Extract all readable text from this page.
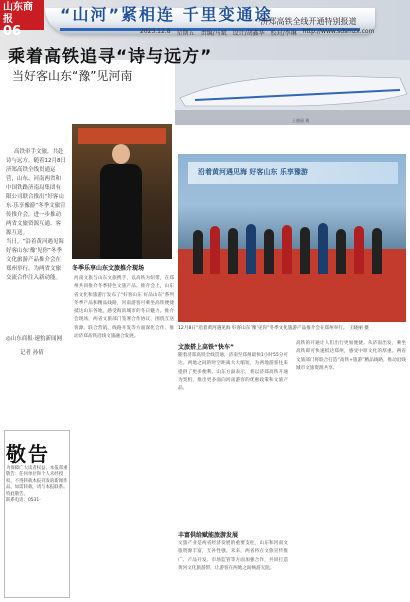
山东商报
06
“山河”紧相连 千里变通途
·济郑高铁全线开通特别报道
2023.12.8 星期五 责编/马斌 设计/胡鑫华 校对/李琳 http://www.sdsmzx.com
乘着高铁追寻“诗与远方”
当好客山东“豫”见河南
王晓丽 摄
高铁牵手文旅，共赴诗与远方。随着12月8日济郑高铁全线贯通运营，山东、河南两省和中国铁路济南局集团有限公司联合推出“好客山东·乐享豫游”冬季文旅宣传推介会，进一步推动两省文旅资源互通、客源互送。
当日，“沿着黄河遇见海 好客山东‘豫’见你”冬季文化旅游产品推介会在郑州举行，为两省文旅交流合作注入新动能。
◎山东商报·速豹新闻网
记者 孙倩
冬季乐享山东文旅推介现场
沿着黄河遇见海 好客山东 乐享豫游
12月8日“沿着黄河遇见海 好客山东‘豫’见你”冬季文化旅游产品推介会在郑州举行。 王晓丽 摄
河南文旅与山东文旅携手，以高铁为纽带，在郑州共同推介冬季特色文旅产品。推介会上，山东省文化和旅游厅发布了“好客山东 好品山东”系列冬季产品和精品线路，河南游客可乘坐高铁便捷抵达山东各地，感受海滨城市的冬日魅力。推介会现场，两省文旅部门签署合作协议，围绕互送客源、联合营销、线路开发等方面深化合作，推动济郑高铁沿线文旅融合发展。
文旅搭上高铁“快车”
随着济郑高铁全线贯通，济南至郑州最快1小时55分可达。两地之间的时空距离大大缩短，为两地游客往来提供了更多便利。山东方面表示，将以济郑高铁开通为契机，推出更多面向河南游客的优惠政策和文旅产品。
高铁的开通让人们出行更加便捷。从济南出发，乘坐高铁即可快速抵达郑州，感受中原文化的厚重。两省文旅部门将联合打造“高铁+旅游”精品线路，推动沿线城市文旅资源共享。
丰富供给赋能旅游发展
文旅产业是两省经济发展的重要支柱，山东和河南文旅资源丰富，互补性强。未来，两省将在文旅宣传推广、产品开发、市场监管等方面加强合作，共同打造黄河文化旅游带，让游客在两地之间畅游无阻。
敬告
为保障广大读者权益，本报郑重敬告：任何单位和个人未经授权，不得转载本报刊发的新闻作品。如需转载，请与本报联系。特此敬告。
联系电话：0531-
